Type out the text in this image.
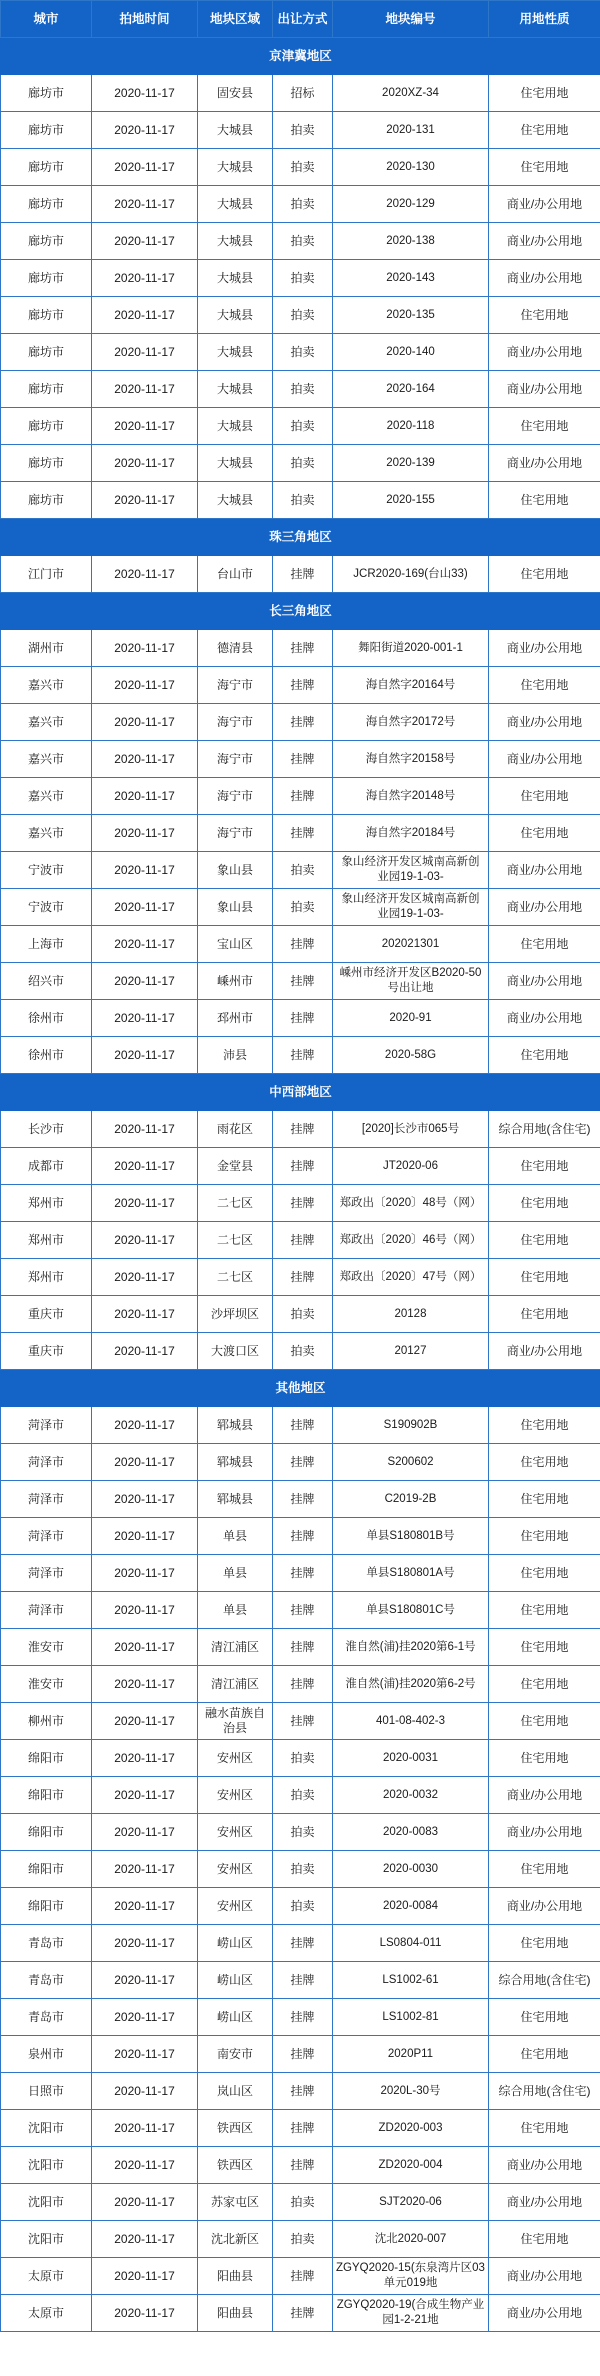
城市	拍地时间	地块区域	出让方式	地块编号	用地性质
京津冀地区					
廊坊市	2020-11-17	固安县	招标	2020XZ-34	住宅用地
廊坊市	2020-11-17	大城县	拍卖	2020-131	住宅用地
廊坊市	2020-11-17	大城县	拍卖	2020-130	住宅用地
廊坊市	2020-11-17	大城县	拍卖	2020-129	商业/办公用地
廊坊市	2020-11-17	大城县	拍卖	2020-138	商业/办公用地
廊坊市	2020-11-17	大城县	拍卖	2020-143	商业/办公用地
廊坊市	2020-11-17	大城县	拍卖	2020-135	住宅用地
廊坊市	2020-11-17	大城县	拍卖	2020-140	商业/办公用地
廊坊市	2020-11-17	大城县	拍卖	2020-164	商业/办公用地
廊坊市	2020-11-17	大城县	拍卖	2020-118	住宅用地
廊坊市	2020-11-17	大城县	拍卖	2020-139	商业/办公用地
廊坊市	2020-11-17	大城县	拍卖	2020-155	住宅用地
珠三角地区					
江门市	2020-11-17	台山市	挂牌	JCR2020-169(台山33)	住宅用地
长三角地区					
湖州市	2020-11-17	德清县	挂牌	舞阳街道2020-001-1	商业/办公用地
嘉兴市	2020-11-17	海宁市	挂牌	海自然字20164号	住宅用地
嘉兴市	2020-11-17	海宁市	挂牌	海自然字20172号	商业/办公用地
嘉兴市	2020-11-17	海宁市	挂牌	海自然字20158号	商业/办公用地
嘉兴市	2020-11-17	海宁市	挂牌	海自然字20148号	住宅用地
嘉兴市	2020-11-17	海宁市	挂牌	海自然字20184号	住宅用地
宁波市	2020-11-17	象山县	拍卖	象山经济开发区城南高新创业园19-1-03-	商业/办公用地
宁波市	2020-11-17	象山县	拍卖	象山经济开发区城南高新创业园19-1-03-	商业/办公用地
上海市	2020-11-17	宝山区	挂牌	202021301	住宅用地
绍兴市	2020-11-17	嵊州市	挂牌	嵊州市经济开发区B2020-50号出让地	商业/办公用地
徐州市	2020-11-17	邳州市	挂牌	2020-91	商业/办公用地
徐州市	2020-11-17	沛县	挂牌	2020-58G	住宅用地
中西部地区					
长沙市	2020-11-17	雨花区	挂牌	[2020]长沙市065号	综合用地(含住宅)
成都市	2020-11-17	金堂县	挂牌	JT2020-06	住宅用地
郑州市	2020-11-17	二七区	挂牌	郑政出〔2020〕48号（网）	住宅用地
郑州市	2020-11-17	二七区	挂牌	郑政出〔2020〕46号（网）	住宅用地
郑州市	2020-11-17	二七区	挂牌	郑政出〔2020〕47号（网）	住宅用地
重庆市	2020-11-17	沙坪坝区	拍卖	20128	住宅用地
重庆市	2020-11-17	大渡口区	拍卖	20127	商业/办公用地
其他地区					
菏泽市	2020-11-17	郓城县	挂牌	S190902B	住宅用地
菏泽市	2020-11-17	郓城县	挂牌	S200602	住宅用地
菏泽市	2020-11-17	郓城县	挂牌	C2019-2B	住宅用地
菏泽市	2020-11-17	单县	挂牌	单县S180801B号	住宅用地
菏泽市	2020-11-17	单县	挂牌	单县S180801A号	住宅用地
菏泽市	2020-11-17	单县	挂牌	单县S180801C号	住宅用地
淮安市	2020-11-17	清江浦区	挂牌	淮自然(浦)挂2020第6-1号	住宅用地
淮安市	2020-11-17	清江浦区	挂牌	淮自然(浦)挂2020第6-2号	住宅用地
柳州市	2020-11-17	融水苗族自治县	挂牌	401-08-402-3	住宅用地
绵阳市	2020-11-17	安州区	拍卖	2020-0031	住宅用地
绵阳市	2020-11-17	安州区	拍卖	2020-0032	商业/办公用地
绵阳市	2020-11-17	安州区	拍卖	2020-0083	商业/办公用地
绵阳市	2020-11-17	安州区	拍卖	2020-0030	住宅用地
绵阳市	2020-11-17	安州区	拍卖	2020-0084	商业/办公用地
青岛市	2020-11-17	崂山区	挂牌	LS0804-011	住宅用地
青岛市	2020-11-17	崂山区	挂牌	LS1002-61	综合用地(含住宅)
青岛市	2020-11-17	崂山区	挂牌	LS1002-81	住宅用地
泉州市	2020-11-17	南安市	挂牌	2020P11	住宅用地
日照市	2020-11-17	岚山区	挂牌	2020L-30号	综合用地(含住宅)
沈阳市	2020-11-17	铁西区	挂牌	ZD2020-003	住宅用地
沈阳市	2020-11-17	铁西区	挂牌	ZD2020-004	商业/办公用地
沈阳市	2020-11-17	苏家屯区	拍卖	SJT2020-06	商业/办公用地
沈阳市	2020-11-17	沈北新区	拍卖	沈北2020-007	住宅用地
太原市	2020-11-17	阳曲县	挂牌	ZGYQ2020-15(东泉湾片区03单元019地	商业/办公用地
太原市	2020-11-17	阳曲县	挂牌	ZGYQ2020-19(合成生物产业园1-2-21地	商业/办公用地
